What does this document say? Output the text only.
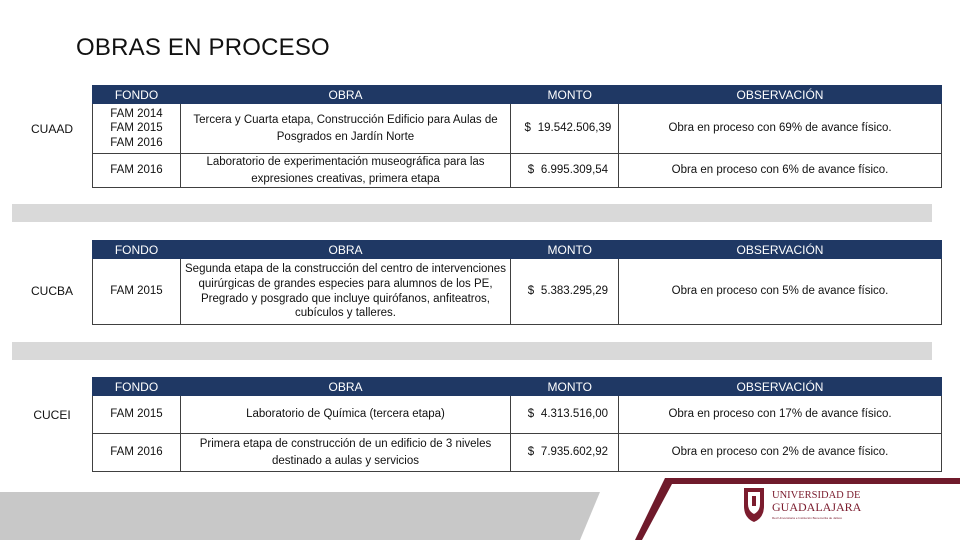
OBRAS EN PROCESO
CUAAD
FONDO	OBRA	MONTO	OBSERVACIÓN

FAM 2014
FAM 2015
FAM 2016	Tercera y Cuarta etapa, Construcción Edificio para Aulas de Posgrados en Jardín Norte	$ 19.542.506,39	Obra en proceso con 69% de avance físico.

FAM 2016	Laboratorio de experimentación museográfica para las expresiones creativas, primera etapa	$ 6.995.309,54	Obra en proceso con 6% de avance físico.
CUCBA
FONDO	OBRA	MONTO	OBSERVACIÓN

FAM 2015	Segunda etapa de la construcción del centro de intervenciones quirúrgicas de grandes especies para alumnos de los PE, Pregrado y posgrado que incluye quirófanos, anfiteatros, cubículos y talleres.	$ 5.383.295,29	Obra en proceso con 5% de avance físico.
CUCEI
FONDO	OBRA	MONTO	OBSERVACIÓN

FAM 2015	Laboratorio de Química (tercera etapa)	$ 4.313.516,00	Obra en proceso con 17% de avance físico.

FAM 2016	Primera etapa de construcción de un edificio de 3 niveles destinado a aulas y servicios	$ 7.935.602,92	Obra en proceso con 2% de avance físico.
UNIVERSIDAD DE
GUADALAJARA
Red Universitaria e Institución Benemérita de Jalisco
